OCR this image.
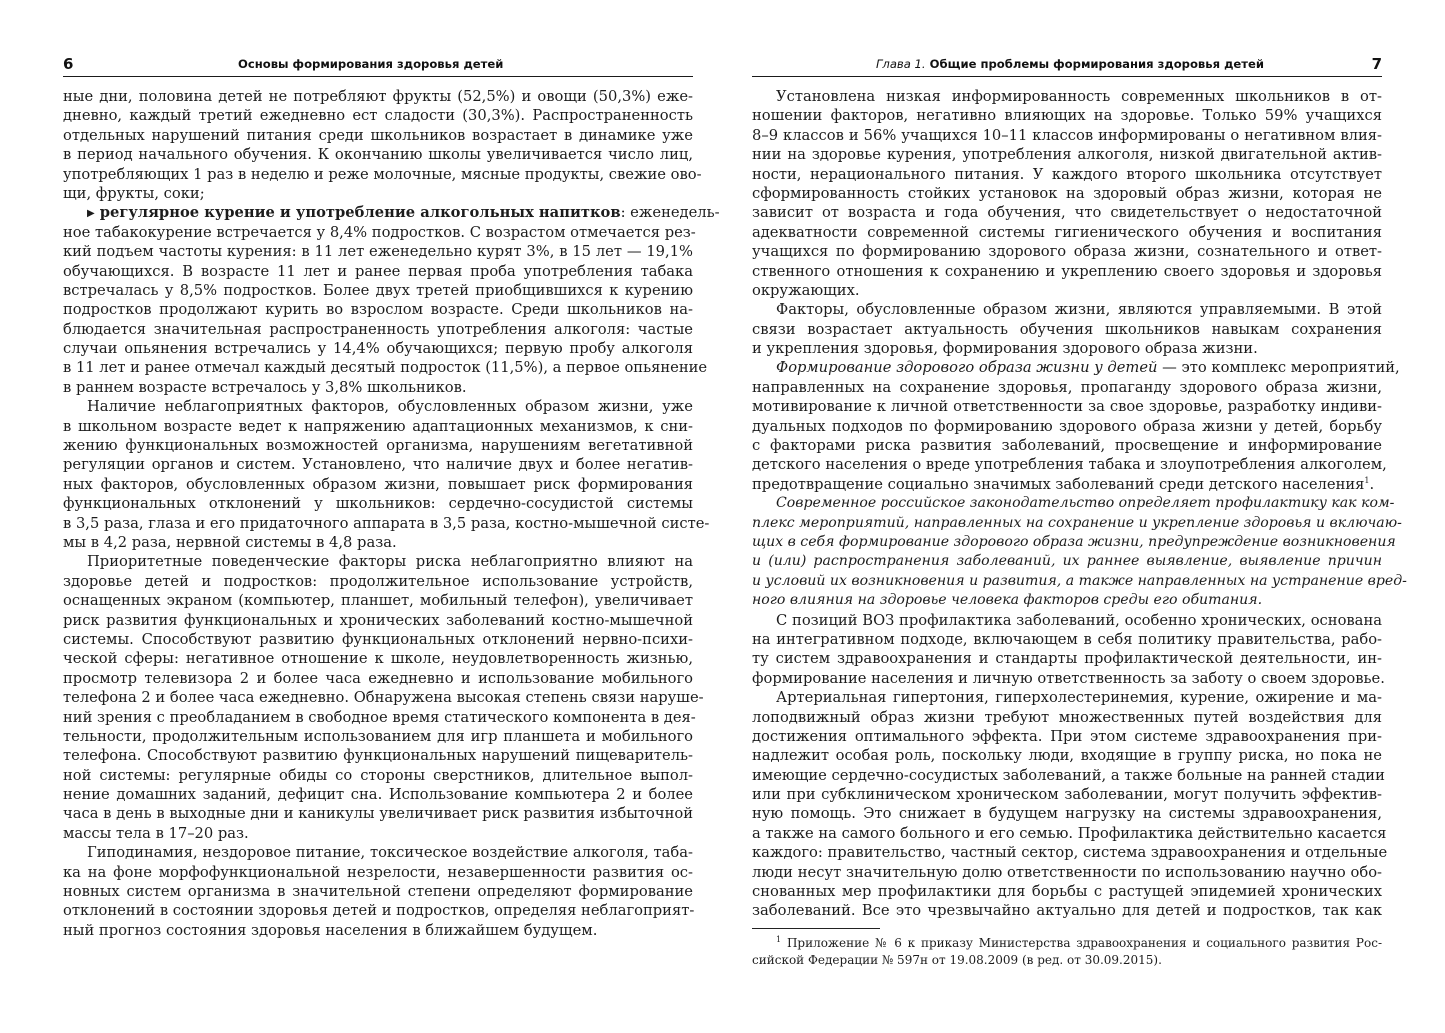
6	Основы формирования здоровья детей
ные дни, половина детей не потребляют фрукты (52,5%) и овощи (50,3%) еже-
дневно, каждый третий ежедневно ест сладости (30,3%). Распространенность
отдельных нарушений питания среди школьников возрастает в динамике уже
в период начального обучения. К окончанию школы увеличивается число лиц,
употребляющих 1 раз в неделю и реже молочные, мясные продукты, свежие ово-
щи, фрукты, соки;
▶ регулярное курение и употребление алкогольных напитков: еженедель-
ное табакокурение встречается у 8,4% подростков. С возрастом отмечается рез-
кий подъем частоты курения: в 11 лет еженедельно курят 3%, в 15 лет — 19,1%
обучающихся. В возрасте 11 лет и ранее первая проба употребления табака
встречалась у 8,5% подростков. Более двух третей приобщившихся к курению
подростков продолжают курить во взрослом возрасте. Среди школьников на-
блюдается значительная распространенность употребления алкоголя: частые
случаи опьянения встречались у 14,4% обучающихся; первую пробу алкоголя
в 11 лет и ранее отмечал каждый десятый подросток (11,5%), а первое опьянение
в раннем возрасте встречалось у 3,8% школьников.
Наличие неблагоприятных факторов, обусловленных образом жизни, уже
в школьном возрасте ведет к напряжению адаптационных механизмов, к сни-
жению функциональных возможностей организма, нарушениям вегетативной
регуляции органов и систем. Установлено, что наличие двух и более негатив-
ных факторов, обусловленных образом жизни, повышает риск формирования
функциональных отклонений у школьников: сердечно-сосудистой системы
в 3,5 раза, глаза и его придаточного аппарата в 3,5 раза, костно-мышечной систе-
мы в 4,2 раза, нервной системы в 4,8 раза.
Приоритетные поведенческие факторы риска неблагоприятно влияют на
здоровье детей и подростков: продолжительное использование устройств,
оснащенных экраном (компьютер, планшет, мобильный телефон), увеличивает
риск развития функциональных и хронических заболеваний костно-мышечной
системы. Способствуют развитию функциональных отклонений нервно-психи-
ческой сферы: негативное отношение к школе, неудовлетворенность жизнью,
просмотр телевизора 2 и более часа ежедневно и использование мобильного
телефона 2 и более часа ежедневно. Обнаружена высокая степень связи наруше-
ний зрения с преобладанием в свободное время статического компонента в дея-
тельности, продолжительным использованием для игр планшета и мобильного
телефона. Способствуют развитию функциональных нарушений пищеваритель-
ной системы: регулярные обиды со стороны сверстников, длительное выпол-
нение домашних заданий, дефицит сна. Использование компьютера 2 и более
часа в день в выходные дни и каникулы увеличивает риск развития избыточной
массы тела в 17–20 раз.
Гиподинамия, нездоровое питание, токсическое воздействие алкоголя, таба-
ка на фоне морфофункциональной незрелости, незавершенности развития ос-
новных систем организма в значительной степени определяют формирование
отклонений в состоянии здоровья детей и подростков, определяя неблагоприят-
ный прогноз состояния здоровья населения в ближайшем будущем.
Глава 1. Общие проблемы формирования здоровья детей	7
Установлена низкая информированность современных школьников в от-
ношении факторов, негативно влияющих на здоровье. Только 59% учащихся
8–9 классов и 56% учащихся 10–11 классов информированы о негативном влия-
нии на здоровье курения, употребления алкоголя, низкой двигательной актив-
ности, нерационального питания. У каждого второго школьника отсутствует
сформированность стойких установок на здоровый образ жизни, которая не
зависит от возраста и года обучения, что свидетельствует о недостаточной
адекватности современной системы гигиенического обучения и воспитания
учащихся по формированию здорового образа жизни, сознательного и ответ-
ственного отношения к сохранению и укреплению своего здоровья и здоровья
окружающих.
Факторы, обусловленные образом жизни, являются управляемыми. В этой
связи возрастает актуальность обучения школьников навыкам сохранения
и укрепления здоровья, формирования здорового образа жизни.
Формирование здорового образа жизни у детей — это комплекс мероприятий,
направленных на сохранение здоровья, пропаганду здорового образа жизни,
мотивирование к личной ответственности за свое здоровье, разработку индиви-
дуальных подходов по формированию здорового образа жизни у детей, борьбу
с факторами риска развития заболеваний, просвещение и информирование
детского населения о вреде употребления табака и злоупотребления алкоголем,
предотвращение социально значимых заболеваний среди детского населения$^1$.
Современное российское законодательство определяет профилактику как ком-
плекс мероприятий, направленных на сохранение и укрепление здоровья и включаю-
щих в себя формирование здорового образа жизни, предупреждение возникновения
и (или) распространения заболеваний, их раннее выявление, выявление причин
и условий их возникновения и развития, а также направленных на устранение вред-
ного влияния на здоровье человека факторов среды его обитания.
С позиций ВОЗ профилактика заболеваний, особенно хронических, основана
на интегративном подходе, включающем в себя политику правительства, рабо-
ту систем здравоохранения и стандарты профилактической деятельности, ин-
формирование населения и личную ответственность за заботу о своем здоровье.
Артериальная гипертония, гиперхолестеринемия, курение, ожирение и ма-
лоподвижный образ жизни требуют множественных путей воздействия для
достижения оптимального эффекта. При этом системе здравоохранения при-
надлежит особая роль, поскольку люди, входящие в группу риска, но пока не
имеющие сердечно-сосудистых заболеваний, а также больные на ранней стадии
или при субклиническом хроническом заболевании, могут получить эффектив-
ную помощь. Это снижает в будущем нагрузку на системы здравоохранения,
а также на самого больного и его семью. Профилактика действительно касается
каждого: правительство, частный сектор, система здравоохранения и отдельные
люди несут значительную долю ответственности по использованию научно обо-
снованных мер профилактики для борьбы с растущей эпидемией хронических
заболеваний. Все это чрезвычайно актуально для детей и подростков, так как
$^1$ Приложение № 6 к приказу Министерства здравоохранения и социального развития Рос-
сийской Федерации № 597н от 19.08.2009 (в ред. от 30.09.2015).
